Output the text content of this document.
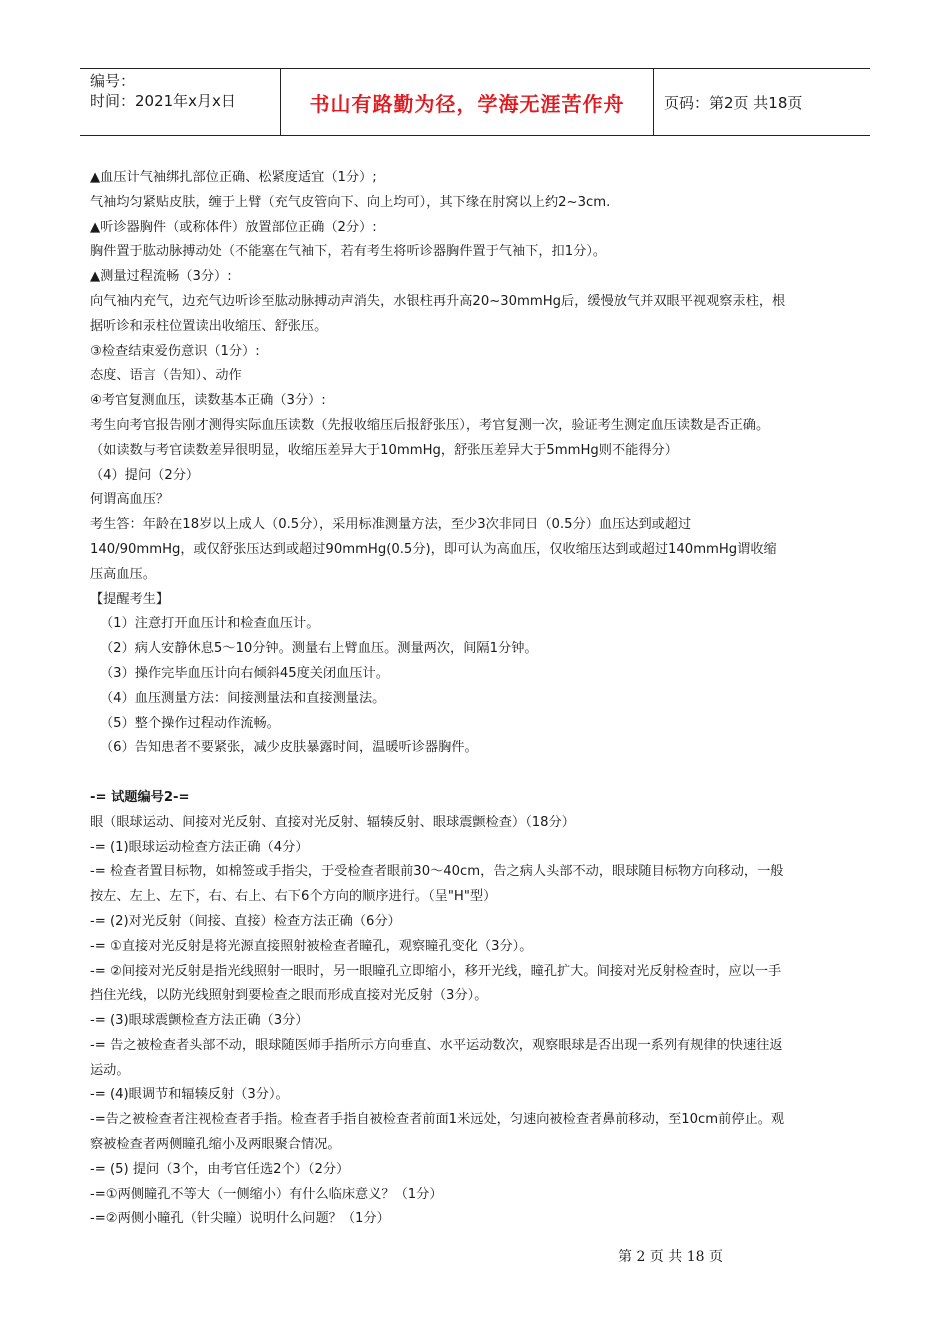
编号：
时间：2021年x月x日	书山有路勤为径，学海无涯苦作舟	页码：第2页 共18页

▲血压计气袖绑扎部位正确、松紧度适宜（1分）;

气袖均匀紧贴皮肤，缠于上臂（充气皮管向下、向上均可），其下缘在肘窝以上约2~3cm.

▲听诊器胸件（或称体件）放置部位正确（2分）:

胸件置于肱动脉搏动处（不能塞在气袖下，若有考生将听诊器胸件置于气袖下，扣1分）。

▲测量过程流畅（3分）:

向气袖内充气，边充气边听诊至肱动脉搏动声消失，水银柱再升高20~30mmHg后，缓慢放气并双眼平视观察汞柱，根

据听诊和汞柱位置读出收缩压、舒张压。

③检查结束爱伤意识（1分）:

态度、语言（告知）、动作

④考官复测血压，读数基本正确（3分）:

考生向考官报告刚才测得实际血压读数（先报收缩压后报舒张压），考官复测一次，验证考生测定血压读数是否正确。

（如读数与考官读数差异很明显，收缩压差异大于10mmHg，舒张压差异大于5mmHg则不能得分）

（4）提问（2分）

何谓高血压？

考生答：年龄在18岁以上成人（0.5分），采用标准测量方法，至少3次非同日（0.5分）血压达到或超过

140/90mmHg，或仅舒张压达到或超过90mmHg(0.5分)，即可认为高血压，仅收缩压达到或超过140mmHg谓收缩

压高血压。

【提醒考生】

（1）注意打开血压计和检查血压计。

（2）病人安静休息5～10分钟。测量右上臂血压。测量两次，间隔1分钟。

（3）操作完毕血压计向右倾斜45度关闭血压计。

（4）血压测量方法：间接测量法和直接测量法。

（5）整个操作过程动作流畅。

（6）告知患者不要紧张，减少皮肤暴露时间，温暖听诊器胸件。

-= 试题编号2-=

眼（眼球运动、间接对光反射、直接对光反射、辐辏反射、眼球震颤检查）（18分）

-= (1)眼球运动检查方法正确（4分）

-= 检查者置目标物，如棉签或手指尖，于受检查者眼前30～40cm，告之病人头部不动，眼球随目标物方向移动，一般

按左、左上、左下，右、右上、右下6个方向的顺序进行。（呈"H"型）

-= (2)对光反射（间接、直接）检查方法正确（6分）

-= ①直接对光反射是将光源直接照射被检查者瞳孔，观察瞳孔变化（3分）。

-= ②间接对光反射是指光线照射一眼时，另一眼瞳孔立即缩小，移开光线，瞳孔扩大。间接对光反射检查时，应以一手

挡住光线，以防光线照射到要检查之眼而形成直接对光反射（3分）。

-= (3)眼球震颤检查方法正确（3分）

-= 告之被检查者头部不动，眼球随医师手指所示方向垂直、水平运动数次，观察眼球是否出现一系列有规律的快速往返

运动。

-= (4)眼调节和辐辏反射（3分）。

-=告之被检查者注视检查者手指。检查者手指自被检查者前面1米远处，匀速向被检查者鼻前移动，至10cm前停止。观

察被检查者两侧瞳孔缩小及两眼聚合情况。

-= (5) 提问（3个，由考官任选2个）（2分）

-=①两侧瞳孔不等大（一侧缩小）有什么临床意义？（1分）

-=②两侧小瞳孔（针尖瞳）说明什么问题？（1分）

第 2 页 共 18 页
